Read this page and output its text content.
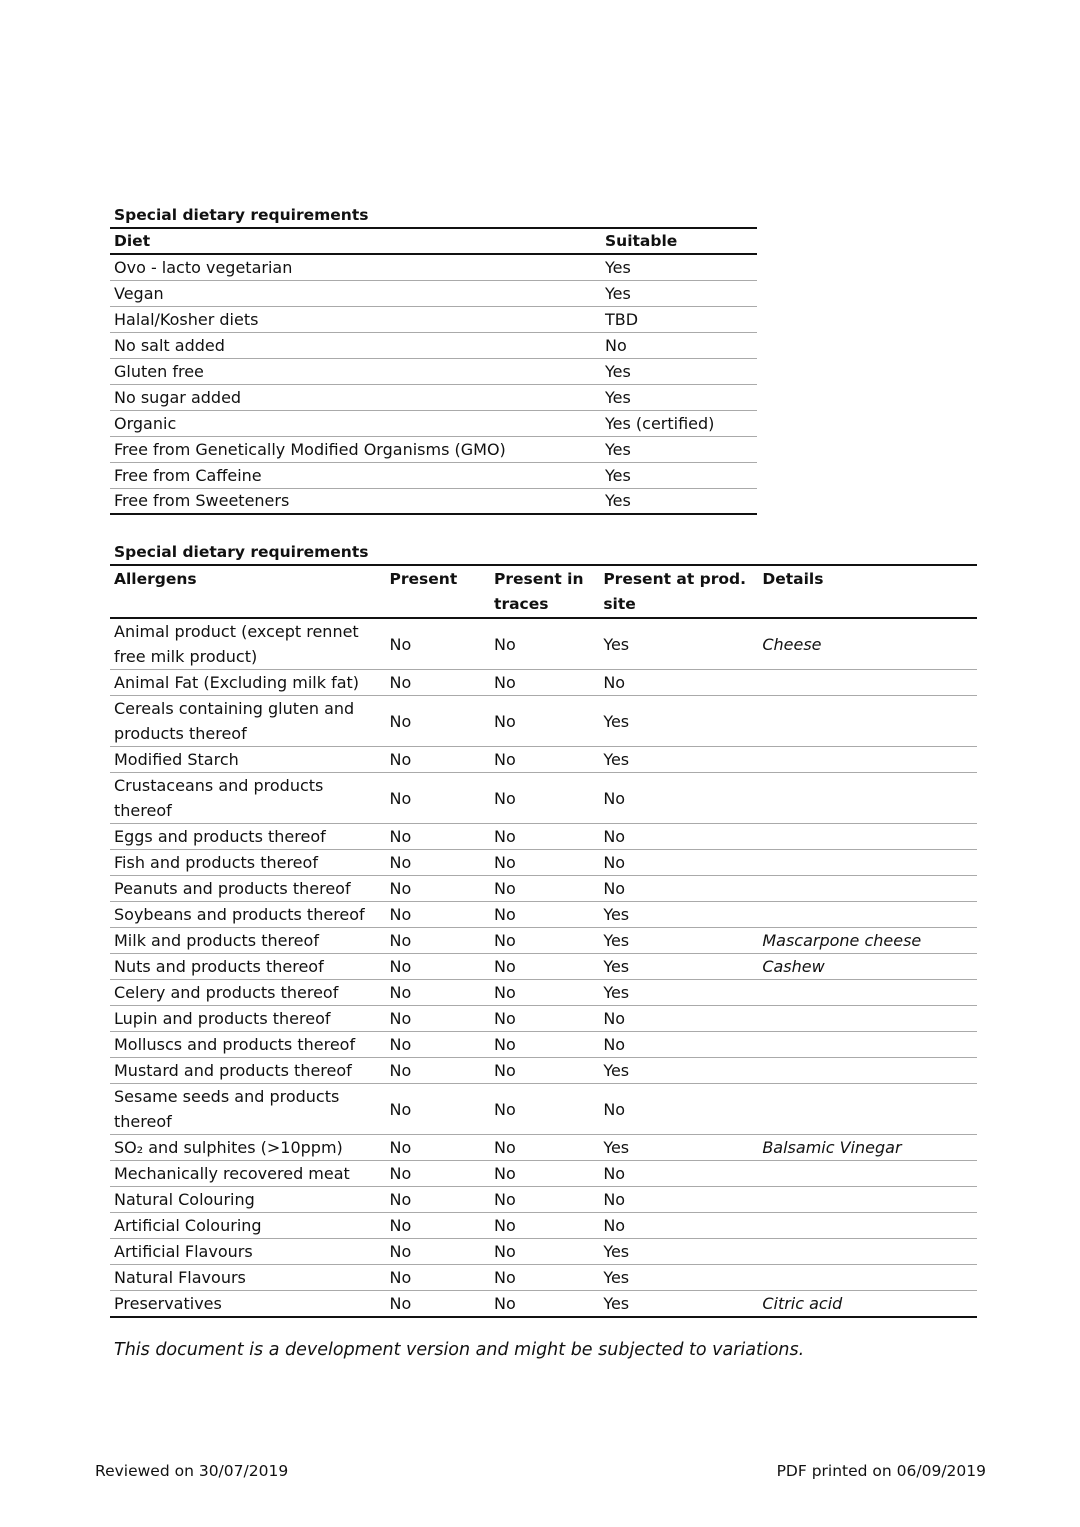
Special dietary requirements
Diet	Suitable
Ovo - lacto vegetarian	Yes
Vegan	Yes
Halal/Kosher diets	TBD
No salt added	No
Gluten free	Yes
No sugar added	Yes
Organic	Yes (certified)
Free from Genetically Modified Organisms (GMO)	Yes
Free from Caffeine	Yes
Free from Sweeteners	Yes
Special dietary requirements
Allergens	Present	Present in traces	Present at prod. site	Details
Animal product (except rennet free milk product)	No	No	Yes	Cheese
Animal Fat (Excluding milk fat)	No	No	No	
Cereals containing gluten and products thereof	No	No	Yes	
Modified Starch	No	No	Yes	
Crustaceans and products thereof	No	No	No	
Eggs and products thereof	No	No	No	
Fish and products thereof	No	No	No	
Peanuts and products thereof	No	No	No	
Soybeans and products thereof	No	No	Yes	
Milk and products thereof	No	No	Yes	Mascarpone cheese
Nuts and products thereof	No	No	Yes	Cashew
Celery and products thereof	No	No	Yes	
Lupin and products thereof	No	No	No	
Molluscs and products thereof	No	No	No	
Mustard and products thereof	No	No	Yes	
Sesame seeds and products thereof	No	No	No	
SO₂ and sulphites (>10ppm)	No	No	Yes	Balsamic Vinegar
Mechanically recovered meat	No	No	No	
Natural Colouring	No	No	No	
Artificial Colouring	No	No	No	
Artificial Flavours	No	No	Yes	
Natural Flavours	No	No	Yes	
Preservatives	No	No	Yes	Citric acid
This document is a development version and might be subjected to variations.
Reviewed on 30/07/2019	PDF printed on 06/09/2019
